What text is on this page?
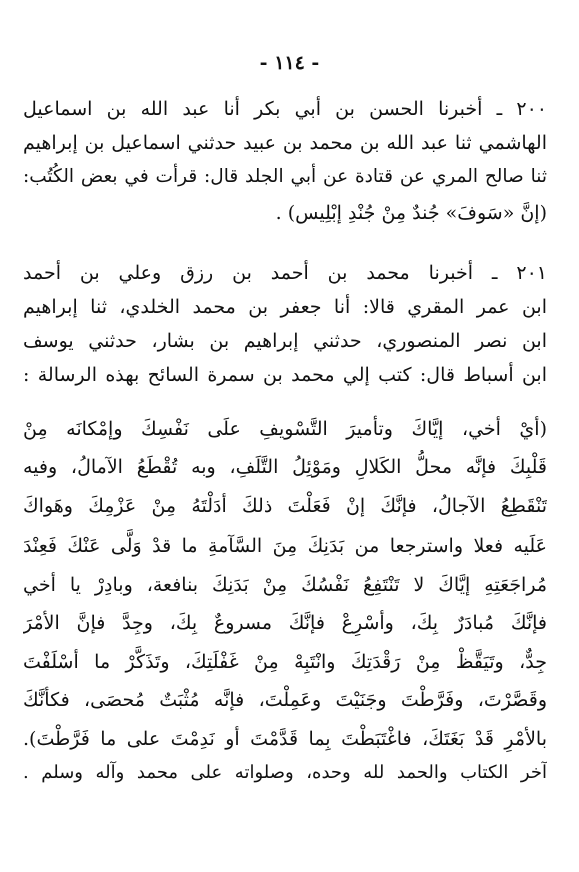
- ١١٤ -
٢٠٠ ـ أخبرنا الحسن بن أبي بكر أنا عبد الله بن اسماعيل
الهاشمي ثنا عبد الله بن محمد بن عبيد حدثني اسماعيل بن إبراهيم
ثنا صالح المري عن قتادة عن أبي الجلد قال: قرأت في بعض الكُتُب:
(إنَّ «سَوفَ» جُندٌ مِنْ جُنْدِ إبْلِيس) .
٢٠١ ـ أخبرنا محمد بن أحمد بن رزق وعلي بن أحمد
ابن عمر المقري قالا: أنا جعفر بن محمد الخلدي، ثنا إبراهيم
ابن نصر المنصوري، حدثني إبراهيم بن بشار، حدثني يوسف
ابن أسباط قال: كتب إلي محمد بن سمرة السائح بهذه الرسالة :
(أيْ أخي، إيَّاكَ وتأميرَ التَّسْويفِ علَى نَفْسِكَ وإمْكانَه مِنْ
قَلْبِكَ فإنَّه محلُّ الكَلالِ ومَوْئِلُ التَّلَفِ، وبه تُقْطَعُ الآمالُ، وفيه
تَنْقَطِعُ الآجالُ، فإنَّكَ إنْ فَعَلْتَ ذلكَ أدَلْتَهُ مِنْ عَزْمِكَ وهَواكَ
عَلَيه فعلا واسترجعا من بَدَنِكَ مِنَ السَّآمةِ ما قدْ وَلَّى عَنْكَ فَعِنْدَ
مُراجَعَتِهِ إيَّاكَ لا تَنْتَفِعُ نَفْسُكَ مِنْ بَدَنِكَ بنافعة، وبادِرْ يا أخي
فإنَّكَ مُبادَرٌ بِكَ، وأسْرِعْ فإنَّكَ مسروعٌ بِكَ، وجِدَّ فإنَّ الأمْرَ
جِدٌّ، وتَيَقَّظْ مِنْ رَقْدَتِكَ وانْتَبِهْ مِنْ غَفْلَتِكَ، وتَذَكَّرْ ما أسْلَفْتَ
وقَصَّرْتَ، وفَرَّطْتَ وجَنَيْتَ وعَمِلْتَ، فإنَّه مُثْبَتٌ مُحصَى، فكأنَّكَ
بالأمْرِ قَدْ بَغَتَكَ، فاغْتَبَطْتَ بِما قَدَّمْتَ أو نَدِمْتَ على ما فَرَّطْتَ).
آخر الكتاب والحمد لله وحده، وصلواته على محمد وآله وسلم .
